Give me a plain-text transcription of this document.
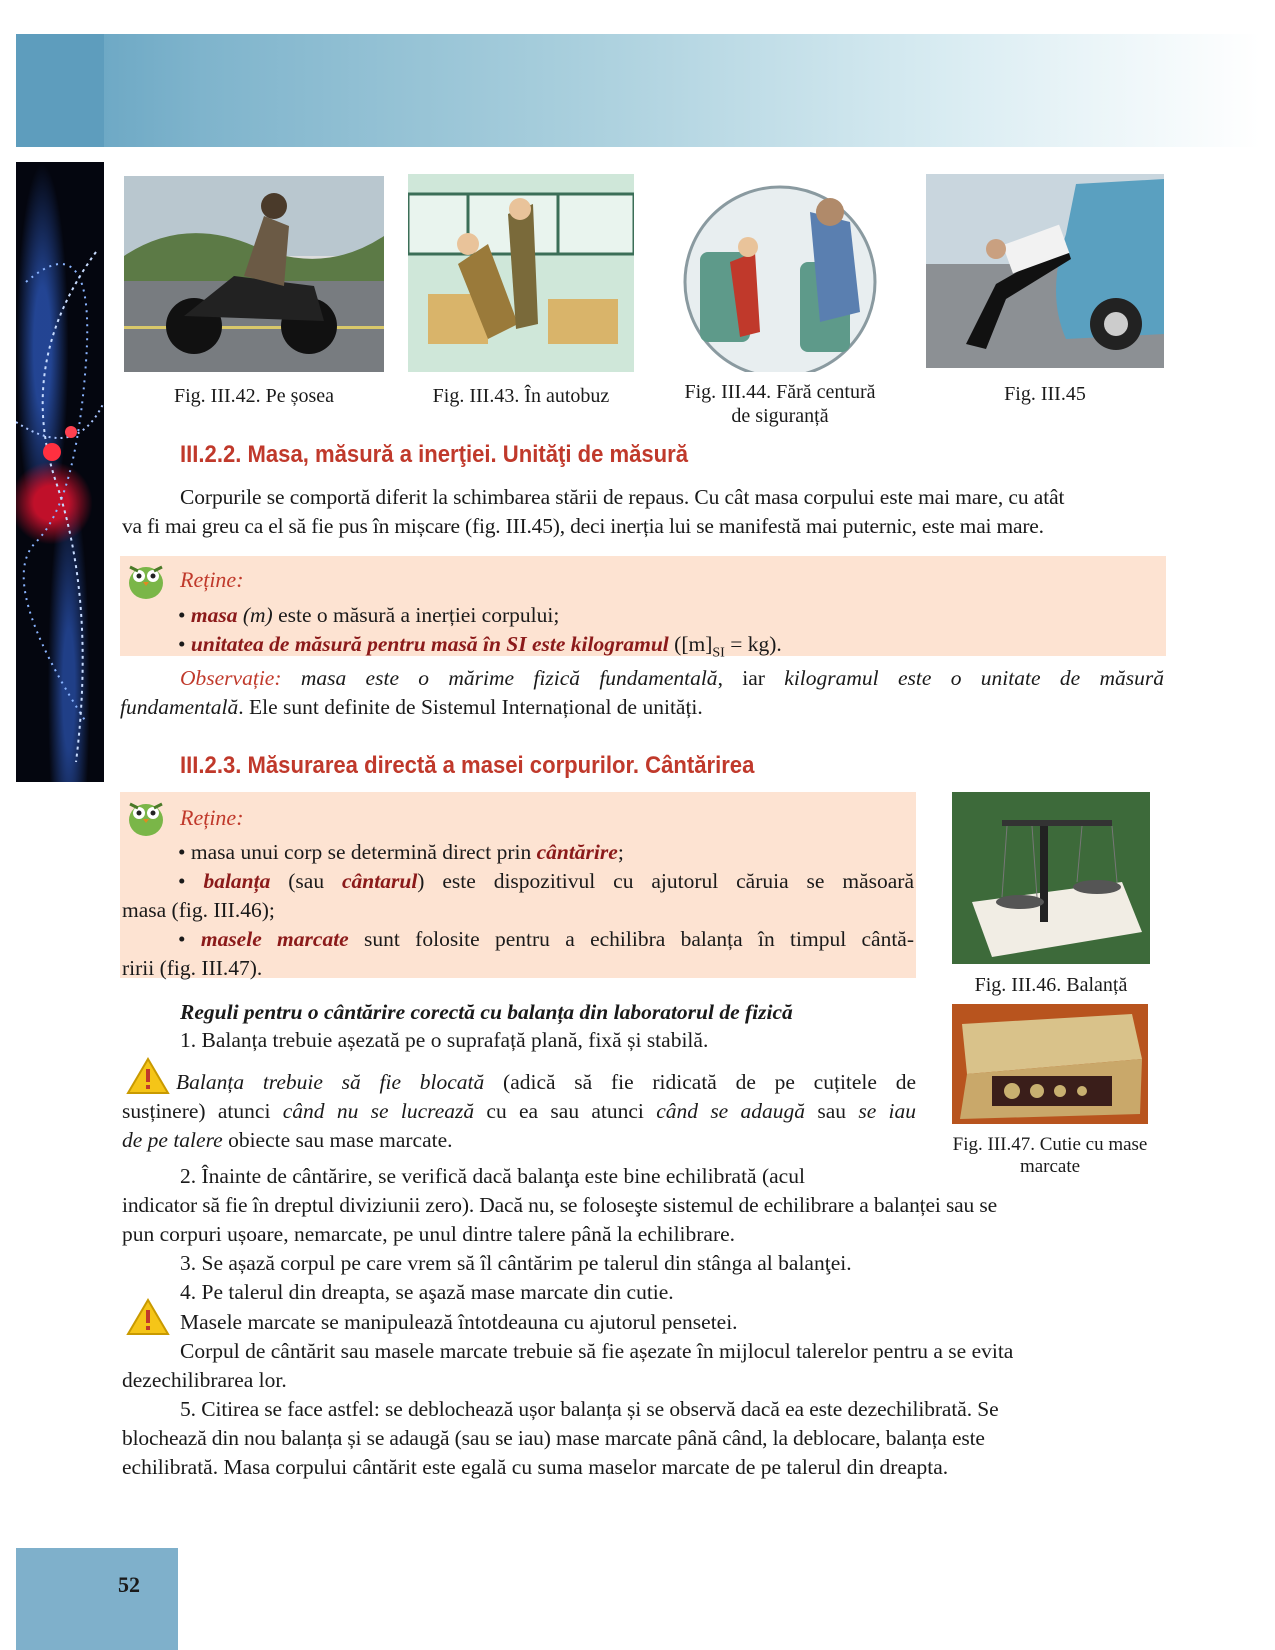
Fig. III.42. Pe șosea	Fig. III.43. În autobuz	Fig. III.44. Fără centură
de siguranță
Fig. III.45
III.2.2. Masa, măsură a inerţiei. Unităţi de măsură
Corpurile se comportă diferit la schimbarea stării de repaus. Cu cât masa corpului este mai mare, cu atât
va fi mai greu ca el să fie pus în mișcare (fig. III.45), deci inerția lui se manifestă mai puternic, este mai mare.
Reține:
• masa (m) este o măsură a inerției corpului;
• unitatea de măsură pentru masă în SI este kilogramul $([m]_{SI} = kg)$.
Observație: masa este o mărime fizică fundamentală, iar kilogramul este o unitate de măsură
fundamentală. Ele sunt definite de Sistemul Internațional de unități.
III.2.3. Măsurarea directă a masei corpurilor. Cântărirea
Reține:
• masa unui corp se determină direct prin cântărire;
• balanța (sau cântarul) este dispozitivul cu ajutorul căruia se măsoară
masa (fig. III.46);
• masele marcate sunt folosite pentru a echilibra balanța în timpul cântă-
ririi (fig. III.47).
Fig. III.46. Balanță
Fig. III.47. Cutie cu mase
marcate
Reguli pentru o cântărire corectă cu balanța din laboratorul de fizică
1. Balanța trebuie așezată pe o suprafață plană, fixă și stabilă.
Balanța trebuie să fie blocată (adică să fie ridicată de pe cuțitele de
susținere) atunci când nu se lucrează cu ea sau atunci când se adaugă sau se iau
de pe talere obiecte sau mase marcate.
2. Înainte de cântărire, se verifică dacă balanţa este bine echilibrată (acul
indicator să fie în dreptul diviziunii zero). Dacă nu, se foloseşte sistemul de echilibrare a balanței sau se
pun corpuri ușoare, nemarcate, pe unul dintre talere până la echilibrare.
3. Se așază corpul pe care vrem să îl cântărim pe talerul din stânga al balanţei.
4. Pe talerul din dreapta, se aşază mase marcate din cutie.
Masele marcate se manipulează întotdeauna cu ajutorul pensetei.
Corpul de cântărit sau masele marcate trebuie să fie așezate în mijlocul talerelor pentru a se evita
dezechilibrarea lor.
5. Citirea se face astfel: se deblochează ușor balanța și se observă dacă ea este dezechilibrată. Se
blochează din nou balanța și se adaugă (sau se iau) mase marcate până când, la deblocare, balanța este
echilibrată. Masa corpului cântărit este egală cu suma maselor marcate de pe talerul din dreapta.
52
